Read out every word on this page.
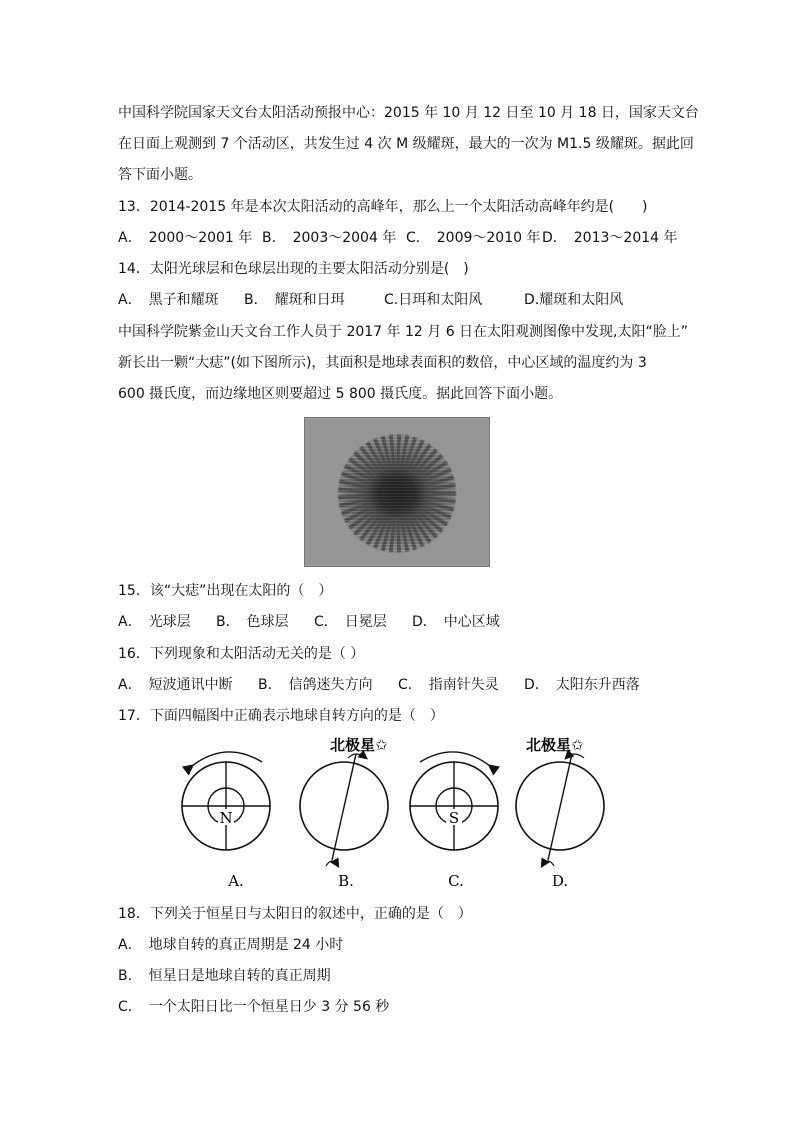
中国科学院国家天文台太阳活动预报中心：2015 年 10 月 12 日至 10 月 18 日，国家天文台
在日面上观测到 7 个活动区，共发生过 4 次 M 级耀斑，最大的一次为 M1.5 级耀斑。据此回
答下面小题。
13．2014-2015 年是本次太阳活动的高峰年，那么上一个太阳活动高峰年约是(　　)
A．　2000～2001 年 B．　2003～2004 年 C．　2009～2010 年 D．　2013～2014 年
14．太阳光球层和色球层出现的主要太阳活动分别是(　)
A．　黑子和耀斑 B．　耀斑和日珥	C.日珥和太阳风	D.耀斑和太阳风
中国科学院紫金山天文台工作人员于 2017 年 12 月 6 日在太阳观测图像中发现,太阳“脸上”
新长出一颗“大痣”(如下图所示)，其面积是地球表面积的数倍，中心区域的温度约为 3
600 摄氏度，而边缘地区则要超过 5 800 摄氏度。据此回答下面小题。
15．该“大痣”出现在太阳的（　）
A．　光球层 B．　色球层 C．　日冕层 D．　中心区域
16．下列现象和太阳活动无关的是（ ）
A．　短波通讯中断 B．　信鸽迷失方向 C．　指南针失灵 D．　太阳东升西落
17．下面四幅图中正确表示地球自转方向的是（　）
N
北极星✩
S
北极星✩
A.	B.	C.	D.
18．下列关于恒星日与太阳日的叙述中，正确的是（　）
A．　地球自转的真正周期是 24 小时
B．　恒星日是地球自转的真正周期
C．　一个太阳日比一个恒星日少 3 分 56 秒
